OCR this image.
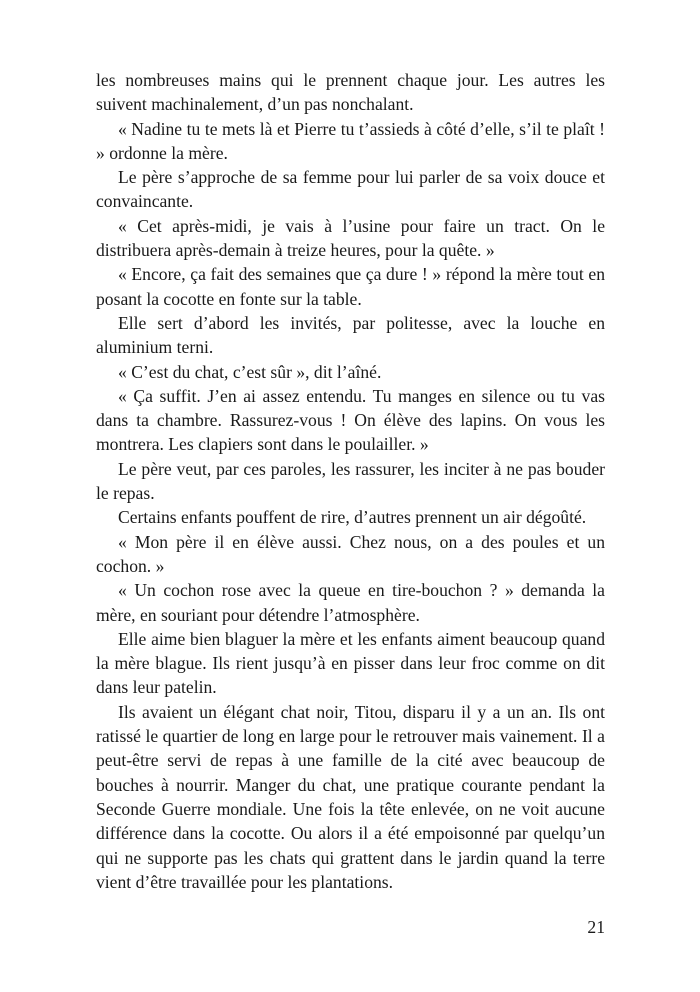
les nombreuses mains qui le prennent chaque jour. Les autres les suivent machinalement, d’un pas nonchalant.

« Nadine tu te mets là et Pierre tu t’assieds à côté d’elle, s’il te plaît ! » ordonne la mère.

Le père s’approche de sa femme pour lui parler de sa voix douce et convaincante.

« Cet après-midi, je vais à l’usine pour faire un tract. On le distribuera après-demain à treize heures, pour la quête. »

« Encore, ça fait des semaines que ça dure ! » répond la mère tout en posant la cocotte en fonte sur la table.

Elle sert d’abord les invités, par politesse, avec la louche en aluminium terni.

« C’est du chat, c’est sûr », dit l’aîné.

« Ça suffit. J’en ai assez entendu. Tu manges en silence ou tu vas dans ta chambre. Rassurez-vous ! On élève des lapins. On vous les montrera. Les clapiers sont dans le poulailler. »

Le père veut, par ces paroles, les rassurer, les inciter à ne pas bouder le repas.

Certains enfants pouffent de rire, d’autres prennent un air dégoûté.

« Mon père il en élève aussi. Chez nous, on a des poules et un cochon. »

« Un cochon rose avec la queue en tire-bouchon ? » demanda la mère, en souriant pour détendre l’atmosphère.

Elle aime bien blaguer la mère et les enfants aiment beaucoup quand la mère blague. Ils rient jusqu’à en pisser dans leur froc comme on dit dans leur patelin.

Ils avaient un élégant chat noir, Titou, disparu il y a un an. Ils ont ratissé le quartier de long en large pour le retrouver mais vainement. Il a peut-être servi de repas à une famille de la cité avec beaucoup de bouches à nourrir. Manger du chat, une pratique courante pendant la Seconde Guerre mondiale. Une fois la tête enlevée, on ne voit aucune différence dans la cocotte. Ou alors il a été empoisonné par quelqu’un qui ne supporte pas les chats qui grattent dans le jardin quand la terre vient d’être travaillée pour les plantations.

21
